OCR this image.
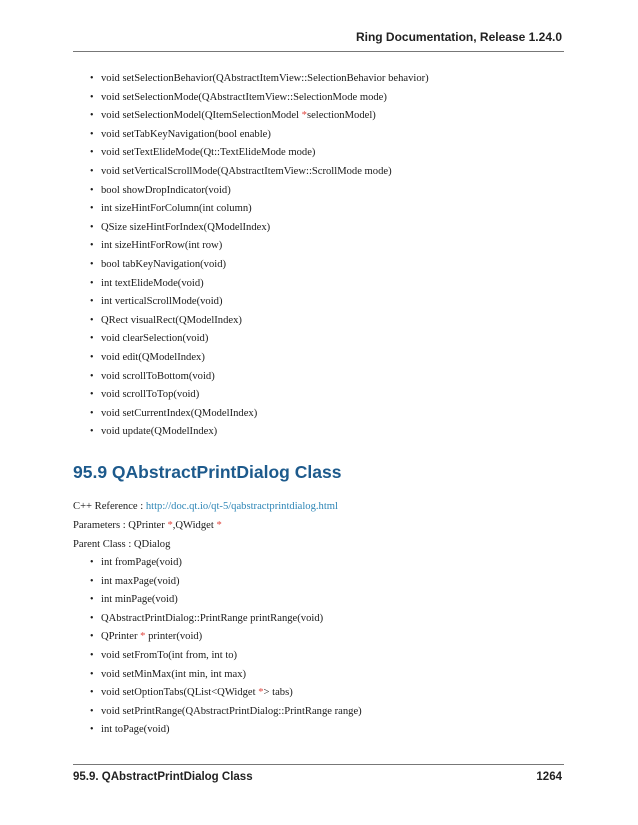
Ring Documentation, Release 1.24.0
• void setSelectionBehavior(QAbstractItemView::SelectionBehavior behavior)
• void setSelectionMode(QAbstractItemView::SelectionMode mode)
• void setSelectionModel(QItemSelectionModel *selectionModel)
• void setTabKeyNavigation(bool enable)
• void setTextElideMode(Qt::TextElideMode mode)
• void setVerticalScrollMode(QAbstractItemView::ScrollMode mode)
• bool showDropIndicator(void)
• int sizeHintForColumn(int column)
• QSize sizeHintForIndex(QModelIndex)
• int sizeHintForRow(int row)
• bool tabKeyNavigation(void)
• int textElideMode(void)
• int verticalScrollMode(void)
• QRect visualRect(QModelIndex)
• void clearSelection(void)
• void edit(QModelIndex)
• void scrollToBottom(void)
• void scrollToTop(void)
• void setCurrentIndex(QModelIndex)
• void update(QModelIndex)
95.9 QAbstractPrintDialog Class
C++ Reference : http://doc.qt.io/qt-5/qabstractprintdialog.html
Parameters : QPrinter *,QWidget *
Parent Class : QDialog
• int fromPage(void)
• int maxPage(void)
• int minPage(void)
• QAbstractPrintDialog::PrintRange printRange(void)
• QPrinter * printer(void)
• void setFromTo(int from, int to)
• void setMinMax(int min, int max)
• void setOptionTabs(QList<QWidget *> tabs)
• void setPrintRange(QAbstractPrintDialog::PrintRange range)
• int toPage(void)
95.9. QAbstractPrintDialog Class	1264
